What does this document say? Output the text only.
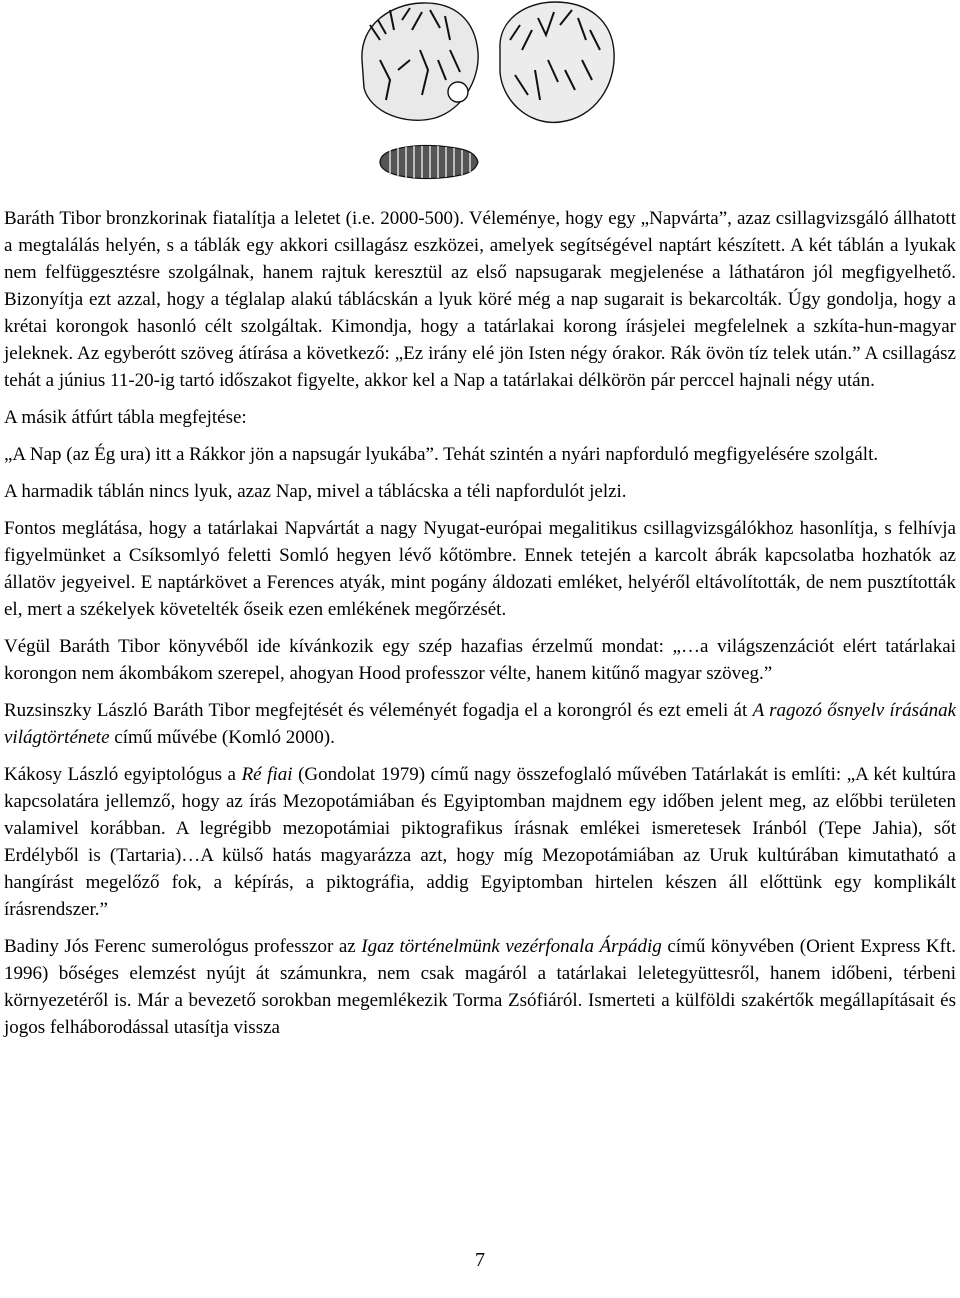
Baráth Tibor bronzkorinak fiatalítja a leletet (i.e. 2000-500). Véleménye, hogy egy „Napvárta”, azaz csillagvizsgáló állhatott a megtalálás helyén, s a táblák egy akkori csillagász eszközei, amelyek segítségével naptárt készített. A két táblán a lyukak nem felfüggesztésre szolgálnak, hanem rajtuk keresztül az első napsugarak megjelenése a láthatáron jól megfigyelhető. Bizonyítja ezt azzal, hogy a téglalap alakú táblácskán a lyuk köré még a nap sugarait is bekarcolták. Úgy gondolja, hogy a krétai korongok hasonló célt szolgáltak. Kimondja, hogy a tatárlakai korong írásjelei megfelelnek a szkíta-hun-magyar jeleknek. Az egyberótt szöveg átírása a következő: „Ez irány elé jön Isten négy órakor. Rák övön tíz telek után.” A csillagász tehát a június 11-20-ig tartó időszakot figyelte, akkor kel a Nap a tatárlakai délkörön pár perccel hajnali négy után.

A másik átfúrt tábla megfejtése:

„A Nap (az Ég ura) itt a Rákkor jön a napsugár lyukába”. Tehát szintén a nyári napforduló megfigyelésére szolgált.

A harmadik táblán nincs lyuk, azaz Nap, mivel a táblácska a téli napfordulót jelzi.

Fontos meglátása, hogy a tatárlakai Napvártát a nagy Nyugat-európai megalitikus csillagvizsgálókhoz hasonlítja, s felhívja figyelmünket a Csíksomlyó feletti Somló hegyen lévő kőtömbre. Ennek tetején a karcolt ábrák kapcsolatba hozhatók az állatöv jegyeivel. E naptárkövet a Ferences atyák, mint pogány áldozati emléket, helyéről eltávolították, de nem pusztították el, mert a székelyek követelték őseik ezen emlékének megőrzését.

Végül Baráth Tibor könyvéből ide kívánkozik egy szép hazafias érzelmű mondat: „…a világszenzációt elért tatárlakai korongon nem ákombákom szerepel, ahogyan Hood professzor vélte, hanem kitűnő magyar szöveg.”

Ruzsinszky László Baráth Tibor megfejtését és véleményét fogadja el a korongról és ezt emeli át A ragozó ősnyelv írásának világtörténete című művébe (Komló 2000).

Kákosy László egyiptológus a Ré fiai (Gondolat 1979) című nagy összefoglaló művében Tatárlakát is említi: „A két kultúra kapcsolatára jellemző, hogy az írás Mezopotámiában és Egyiptomban majdnem egy időben jelent meg, az előbbi területen valamivel korábban. A legrégibb mezopotámiai piktografikus írásnak emlékei ismeretesek Iránból (Tepe Jahia), sőt Erdélyből is (Tartaria)…A külső hatás magyarázza azt, hogy míg Mezopotámiában az Uruk kultúrában kimutatható a hangírást megelőző fok, a képírás, a piktográfia, addig Egyiptomban hirtelen készen áll előttünk egy komplikált írásrendszer.”

Badiny Jós Ferenc sumerológus professzor az Igaz történelmünk vezérfonala Árpádig című könyvében (Orient Express Kft. 1996) bőséges elemzést nyújt át számunkra, nem csak magáról a tatárlakai leletegyüttesről, hanem időbeni, térbeni környezetéről is. Már a bevezető sorokban megemlékezik Torma Zsófiáról. Ismerteti a külföldi szakértők megállapításait és jogos felháborodással utasítja vissza

7
